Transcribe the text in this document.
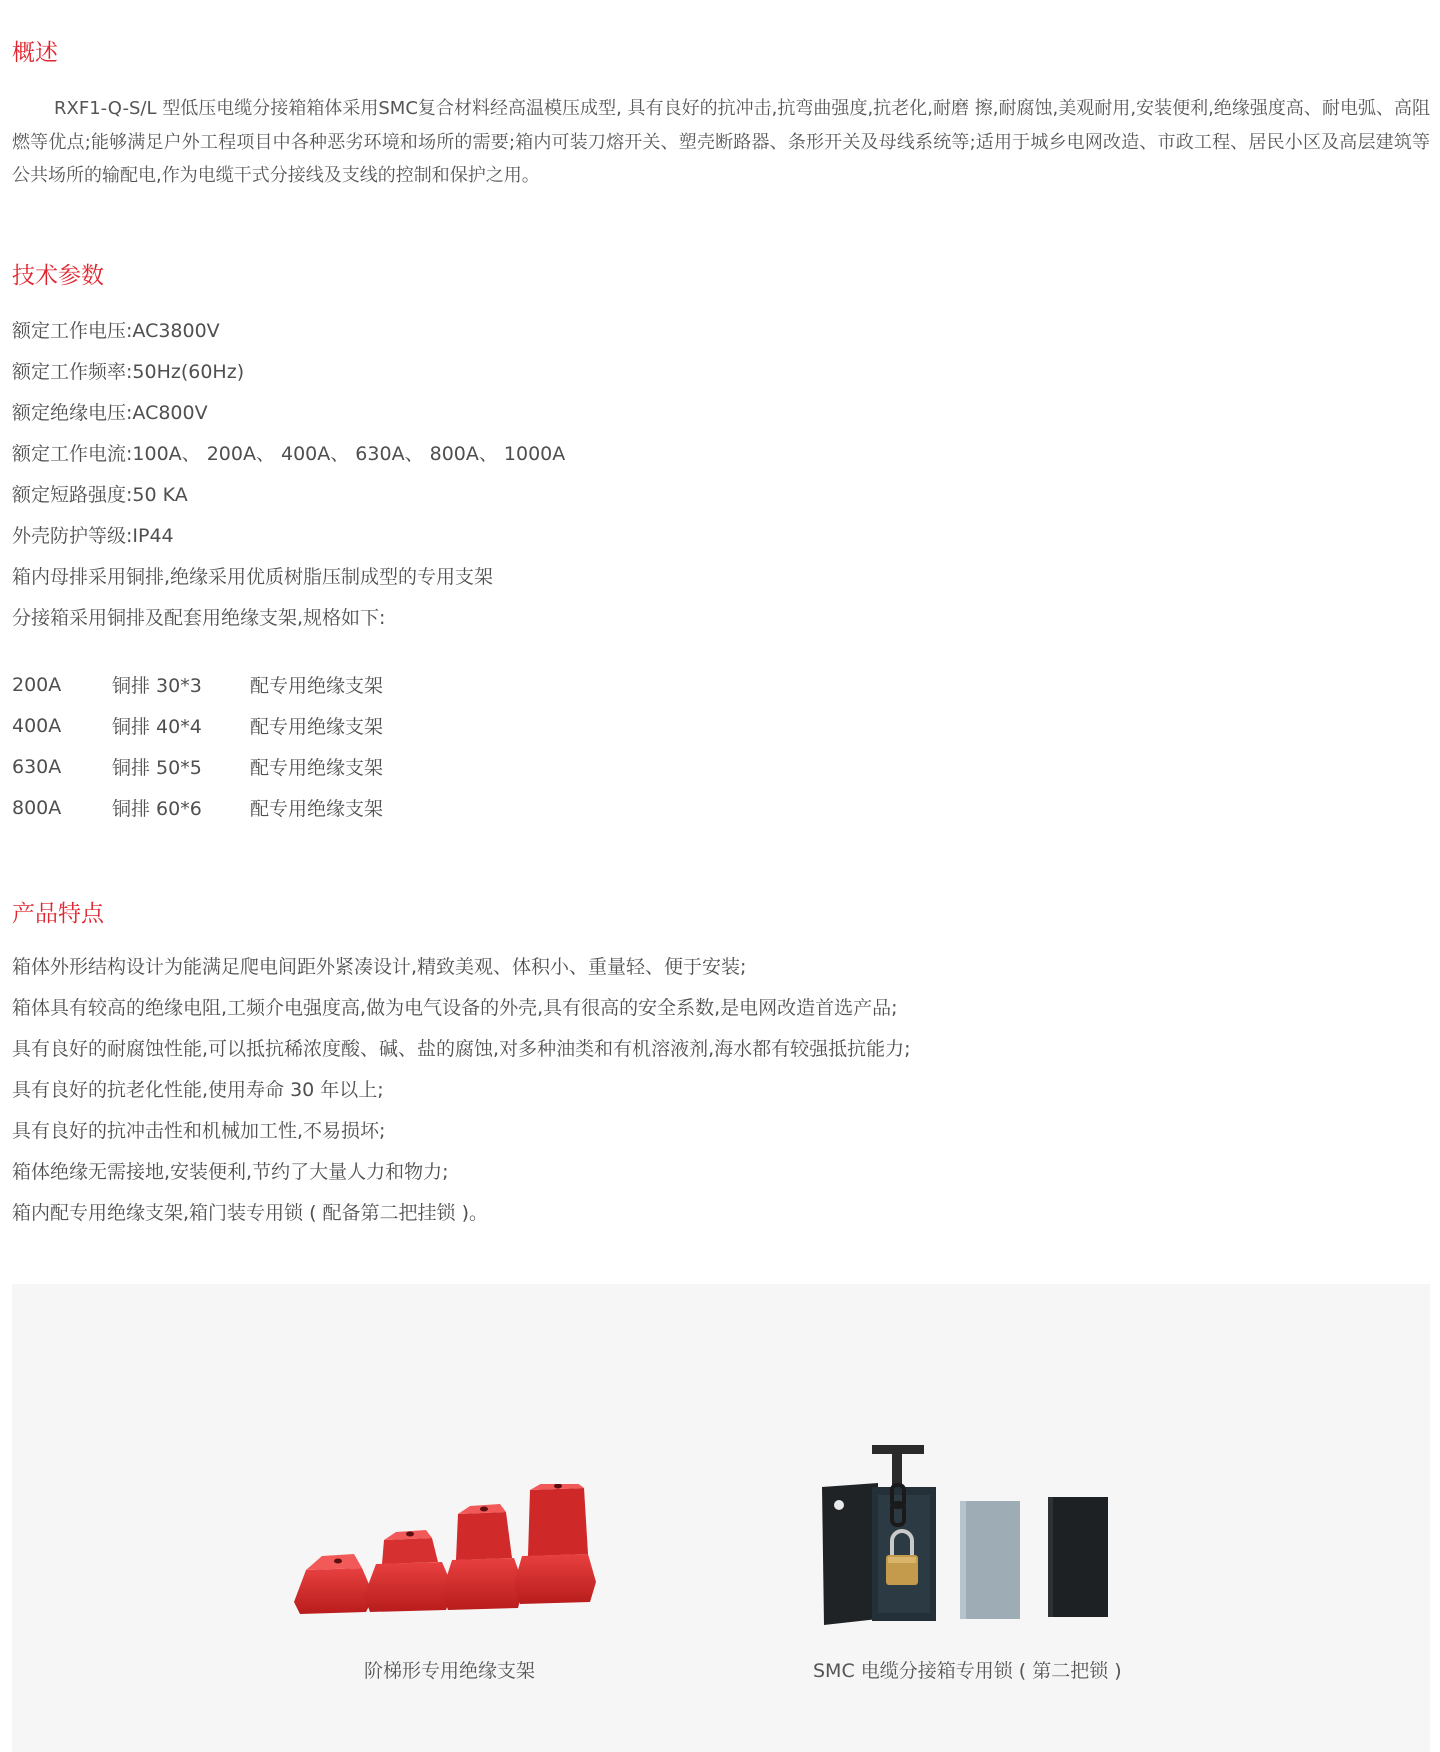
概述

RXF1-Q-S/L 型低压电缆分接箱箱体采用SMC复合材料经高温模压成型, 具有良好的抗冲击,抗弯曲强度,抗老化,耐磨 擦,耐腐蚀,美观耐用,安装便利,绝缘强度高、耐电弧、高阻燃等优点;能够满足户外工程项目中各种恶劣环境和场所的需要;箱内可装刀熔开关、塑壳断路器、条形开关及母线系统等;适用于城乡电网改造、市政工程、居民小区及高层建筑等公共场所的输配电,作为电缆干式分接线及支线的控制和保护之用。

技术参数
额定工作电压:AC3800V
额定工作频率:50Hz(60Hz)
额定绝缘电压:AC800V
额定工作电流:100A、 200A、 400A、 630A、 800A、 1000A
额定短路强度:50 KA
外壳防护等级:IP44
箱内母排采用铜排,绝缘采用优质树脂压制成型的专用支架
分接箱采用铜排及配套用绝缘支架,规格如下:
200A	铜排 30*3	配专用绝缘支架
400A	铜排 40*4	配专用绝缘支架
630A	铜排 50*5	配专用绝缘支架
800A	铜排 60*6	配专用绝缘支架
产品特点
箱体外形结构设计为能满足爬电间距外紧凑设计,精致美观、体积小、重量轻、便于安装;
箱体具有较高的绝缘电阻,工频介电强度高,做为电气设备的外壳,具有很高的安全系数,是电网改造首选产品;
具有良好的耐腐蚀性能,可以抵抗稀浓度酸、碱、盐的腐蚀,对多种油类和有机溶液剂,海水都有较强抵抗能力;
具有良好的抗老化性能,使用寿命 30 年以上;
具有良好的抗冲击性和机械加工性,不易损坏;
箱体绝缘无需接地,安装便利,节约了大量人力和物力;
箱内配专用绝缘支架,箱门装专用锁 ( 配备第二把挂锁 )。
阶梯形专用绝缘支架	SMC 电缆分接箱专用锁 ( 第二把锁 )
